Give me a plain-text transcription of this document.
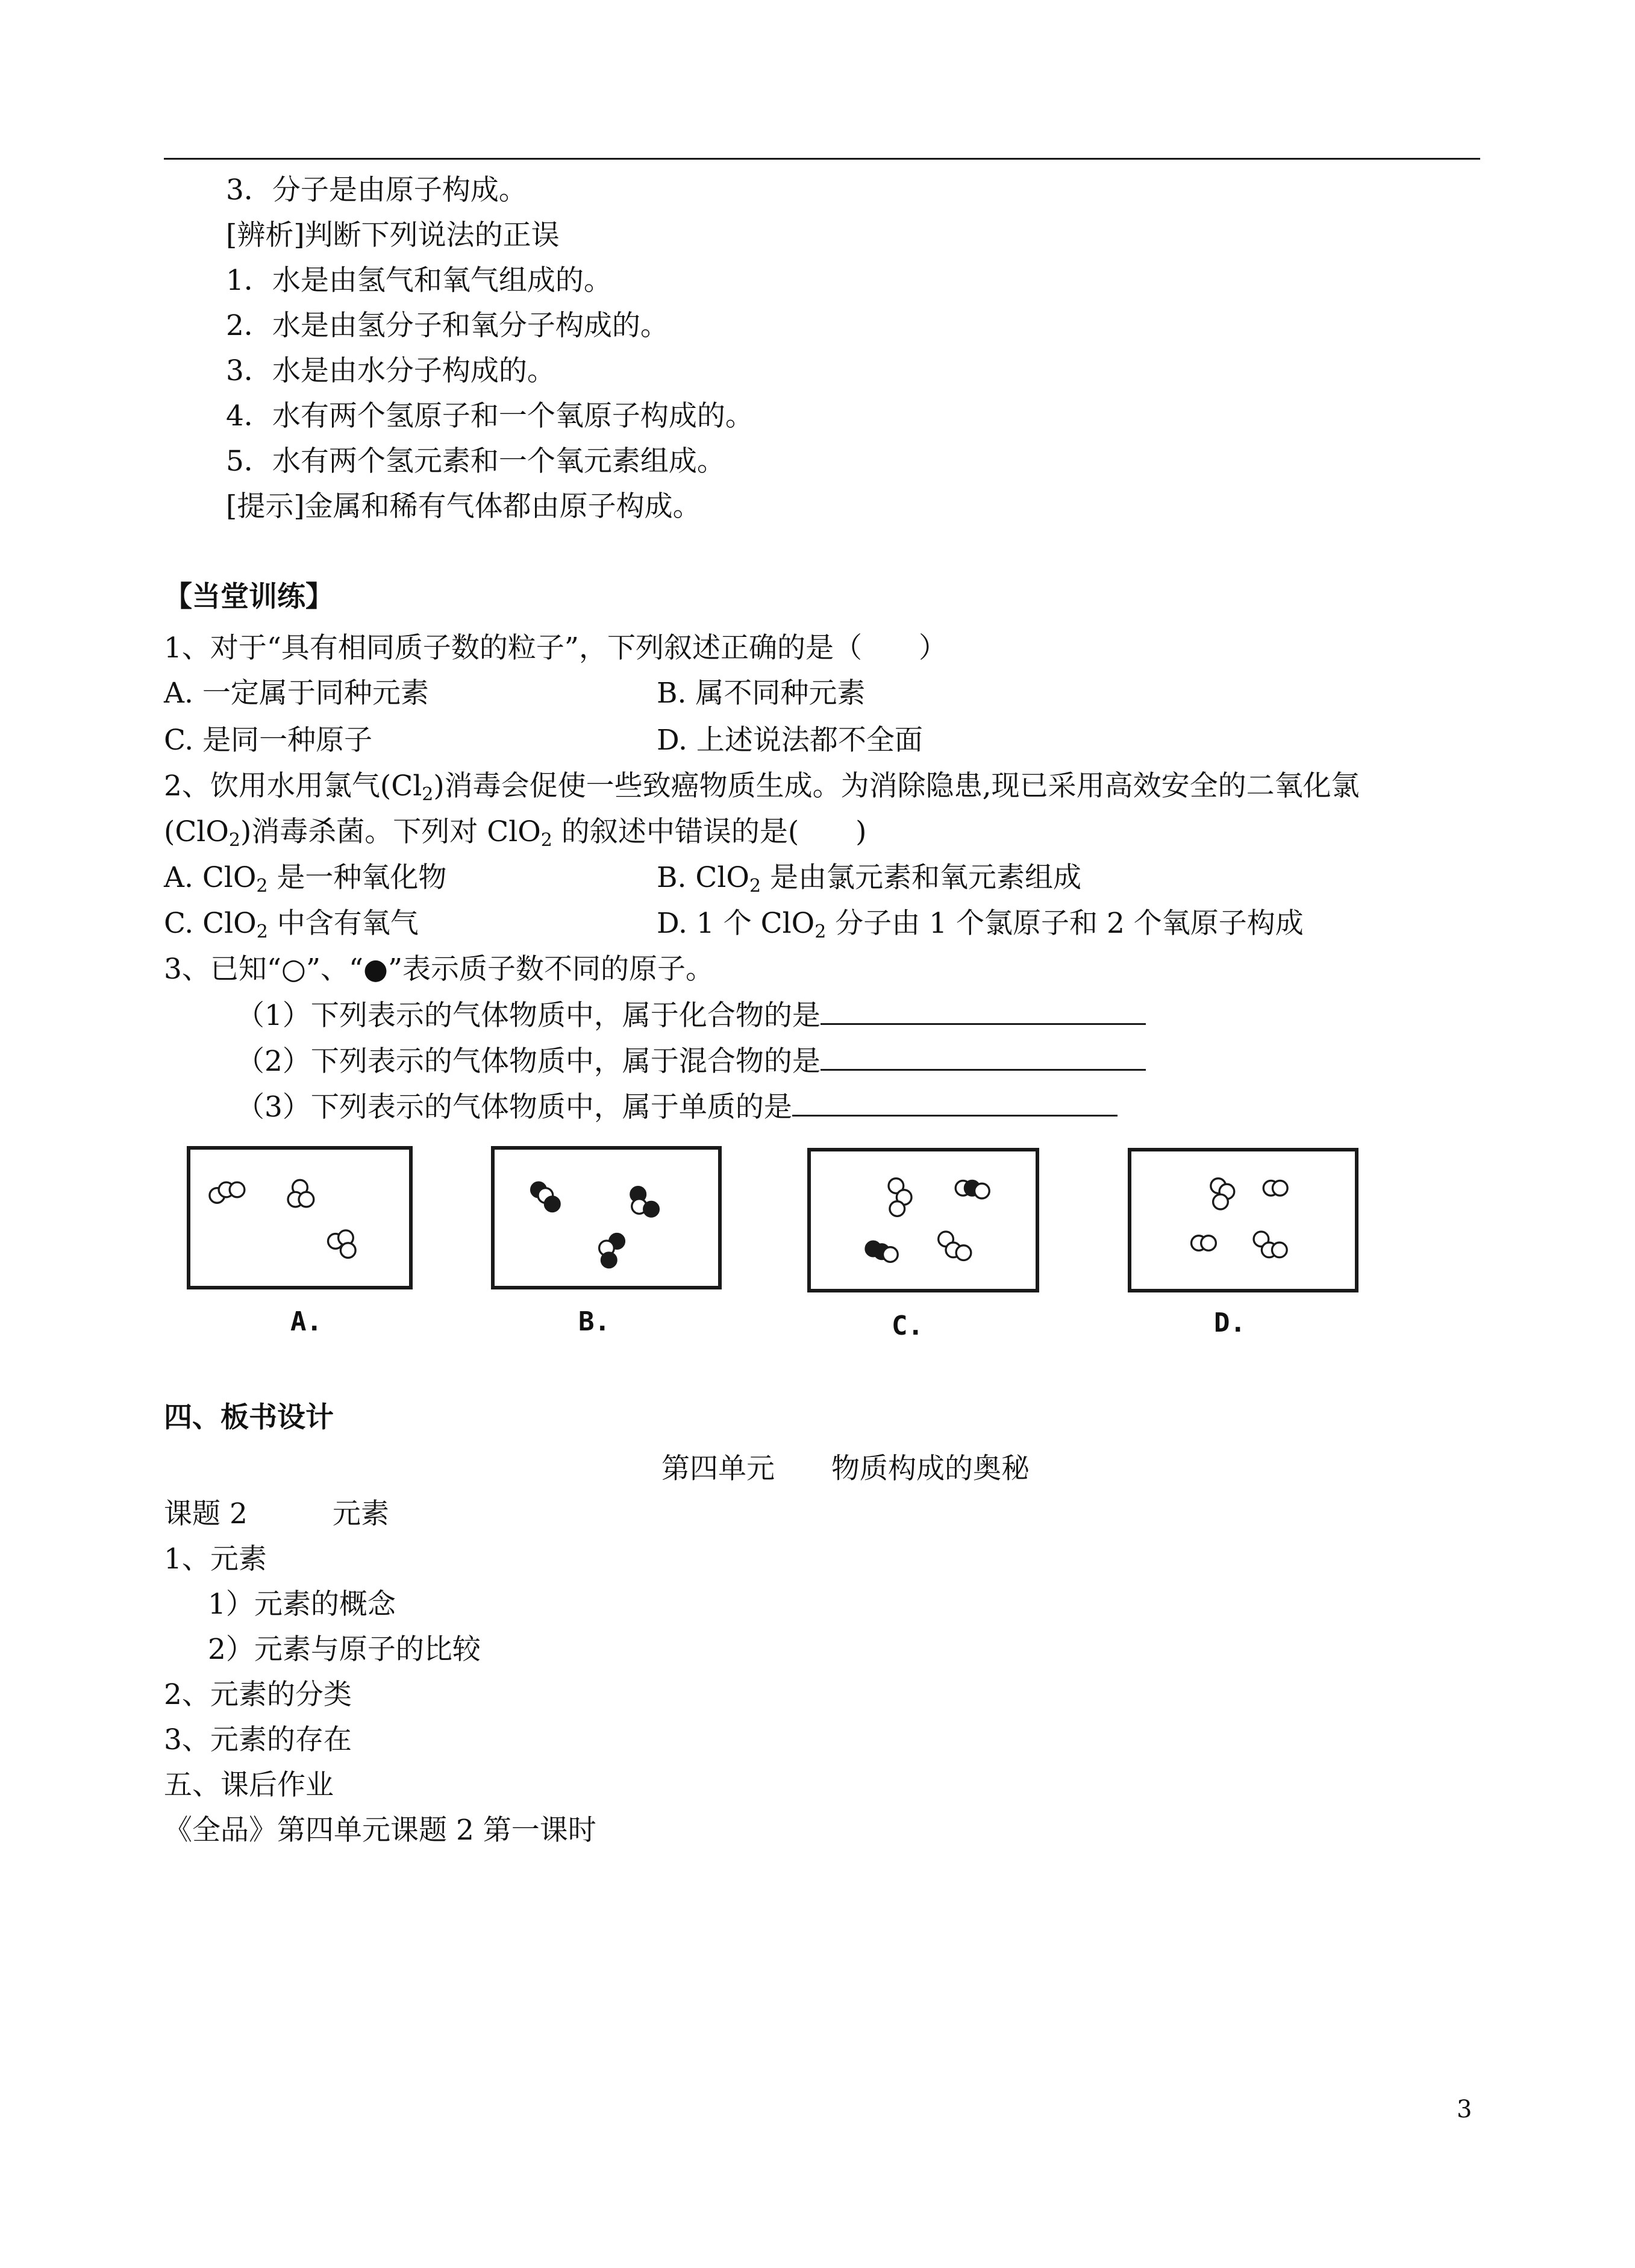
3．分子是由原子构成。
[辨析]判断下列说法的正误
1．水是由氢气和氧气组成的。
2．水是由氢分子和氧分子构成的。
3．水是由水分子构成的。
4．水有两个氢原子和一个氧原子构成的。
5．水有两个氢元素和一个氧元素组成。
[提示]金属和稀有气体都由原子构成。
【当堂训练】
1、对于“具有相同质子数的粒子”，下列叙述正确的是（　　）
A. 一定属于同种元素	B. 属不同种元素
C. 是同一种原子	D. 上述说法都不全面
2、饮用水用氯气$(Cl_2)$消毒会促使一些致癌物质生成。为消除隐患,现已采用高效安全的二氧化氯
(ClO$_2$)消毒杀菌。下列对 ClO$_2$ 的叙述中错误的是(　　)
A. ClO$_2$ 是一种氧化物	B. ClO$_2$ 是由氯元素和氧元素组成
C. ClO$_2$ 中含有氧气	D. 1 个 ClO$_2$ 分子由 1 个氯原子和 2 个氧原子构成
3、已知“○”、“●”表示质子数不同的原子。
（1）下列表示的气体物质中，属于化合物的是
（2）下列表示的气体物质中，属于混合物的是
（3）下列表示的气体物质中，属于单质的是
A.	B.	C.	D.
四、板书设计
第四单元　　物质构成的奥秘
课题 2　　　元素
1、元素
1）元素的概念
2）元素与原子的比较
2、元素的分类
3、元素的存在
五、课后作业
《全品》第四单元课题 2 第一课时
3
